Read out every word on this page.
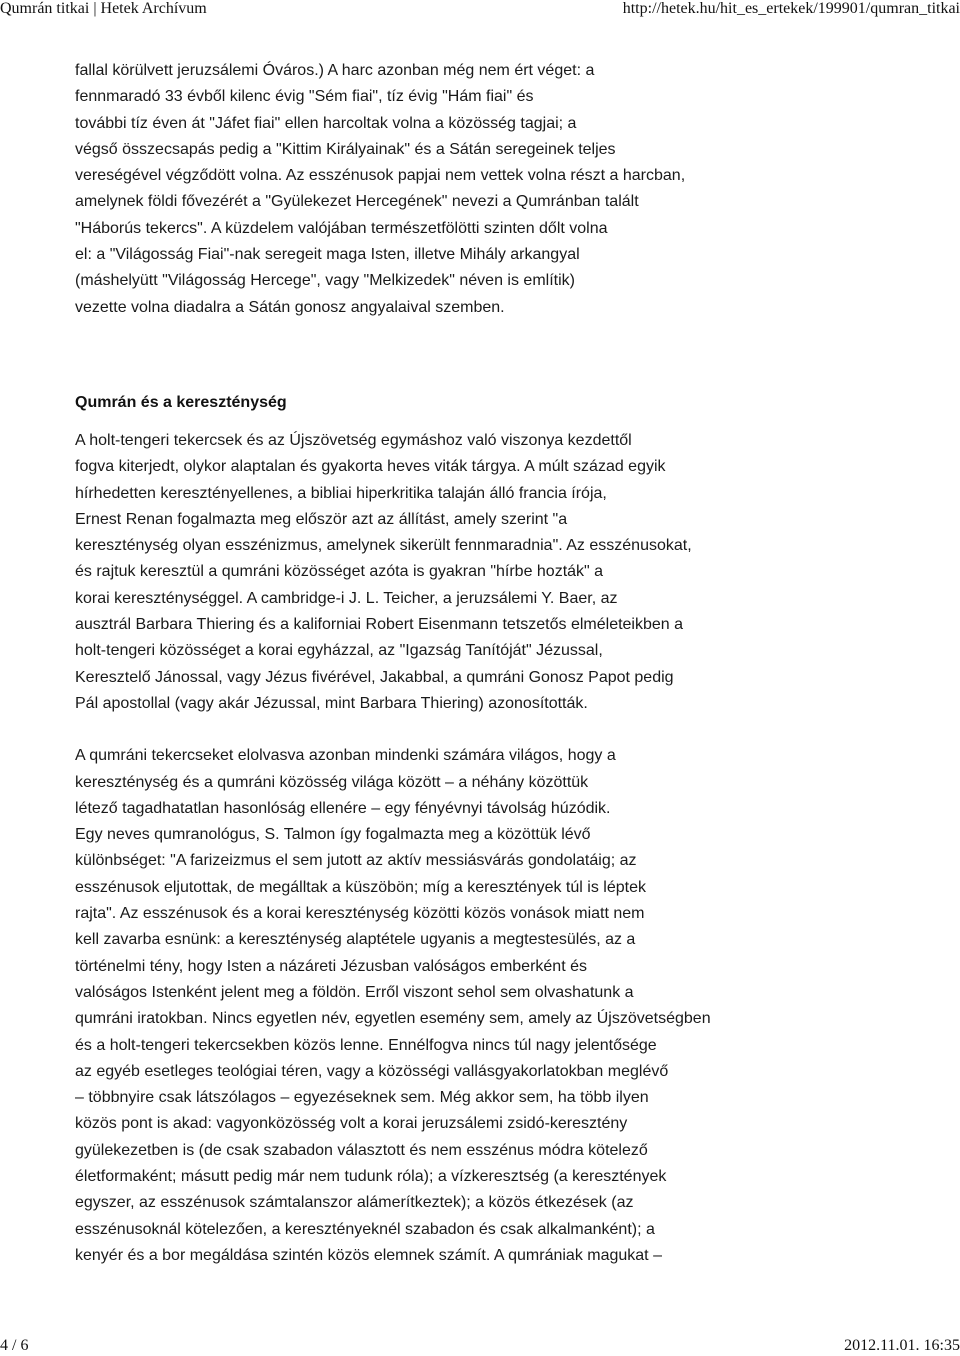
Qumrán titkai | Hetek Archívum	http://hetek.hu/hit_es_ertekek/199901/qumran_titkai
fallal körülvett jeruzsálemi Óváros.) A harc azonban még nem ért véget: a
fennmaradó 33 évből kilenc évig "Sém fiai", tíz évig "Hám fiai" és
további tíz éven át "Jáfet fiai" ellen harcoltak volna a közösség tagjai; a
végső összecsapás pedig a "Kittim Királyainak" és a Sátán seregeinek teljes
vereségével végződött volna. Az esszénusok papjai nem vettek volna részt a harcban,
amelynek földi fővezérét a "Gyülekezet Hercegének" nevezi a Qumránban talált
"Háborús tekercs". A küzdelem valójában természetfölötti szinten dőlt volna
el: a "Világosság Fiai"-nak seregeit maga Isten, illetve Mihály arkangyal
(máshelyütt "Világosság Hercege", vagy "Melkizedek" néven is említik)
vezette volna diadalra a Sátán gonosz angyalaival szemben.
Qumrán és a kereszténység
A holt-tengeri tekercsek és az Újszövetség egymáshoz való viszonya kezdettől
fogva kiterjedt, olykor alaptalan és gyakorta heves viták tárgya. A múlt század egyik
hírhedetten keresztényellenes, a bibliai hiperkritika talaján álló francia írója,
Ernest Renan fogalmazta meg először azt az állítást, amely szerint "a
kereszténység olyan esszénizmus, amelynek sikerült fennmaradnia". Az esszénusokat,
és rajtuk keresztül a qumráni közösséget azóta is gyakran "hírbe hozták" a
korai kereszténységgel. A cambridge-i J. L. Teicher, a jeruzsálemi Y. Baer, az
ausztrál Barbara Thiering és a kaliforniai Robert Eisenmann tetszetős elméleteikben a
holt-tengeri közösséget a korai egyházzal, az "Igazság Tanítóját" Jézussal,
Keresztelő Jánossal, vagy Jézus fivérével, Jakabbal, a qumráni Gonosz Papot pedig
Pál apostollal (vagy akár Jézussal, mint Barbara Thiering) azonosították.
A qumráni tekercseket elolvasva azonban mindenki számára világos, hogy a
kereszténység és a qumráni közösség világa között – a néhány közöttük
létező tagadhatatlan hasonlóság ellenére – egy fényévnyi távolság húzódik.
Egy neves qumranológus, S. Talmon így fogalmazta meg a közöttük lévő
különbséget: "A farizeizmus el sem jutott az aktív messiásvárás gondolatáig; az
esszénusok eljutottak, de megálltak a küszöbön; míg a keresztények túl is léptek
rajta". Az esszénusok és a korai kereszténység közötti közös vonások miatt nem
kell zavarba esnünk: a kereszténység alaptétele ugyanis a megtestesülés, az a
történelmi tény, hogy Isten a názáreti Jézusban valóságos emberként és
valóságos Istenként jelent meg a földön. Erről viszont sehol sem olvashatunk a
qumráni iratokban. Nincs egyetlen név, egyetlen esemény sem, amely az Újszövetségben
és a holt-tengeri tekercsekben közös lenne. Ennélfogva nincs túl nagy jelentősége
az egyéb esetleges teológiai téren, vagy a közösségi vallásgyakorlatokban meglévő
– többnyire csak látszólagos – egyezéseknek sem. Még akkor sem, ha több ilyen
közös pont is akad: vagyonközösség volt a korai jeruzsálemi zsidó-keresztény
gyülekezetben is (de csak szabadon választott és nem esszénus módra kötelező
életformaként; másutt pedig már nem tudunk róla); a vízkeresztség (a keresztények
egyszer, az esszénusok számtalanszor alámerítkeztek); a közös étkezések (az
esszénusoknál kötelezően, a keresztényeknél szabadon és csak alkalmanként); a
kenyér és a bor megáldása szintén közös elemnek számít. A qumrániak magukat –
4 / 6	2012.11.01. 16:35
